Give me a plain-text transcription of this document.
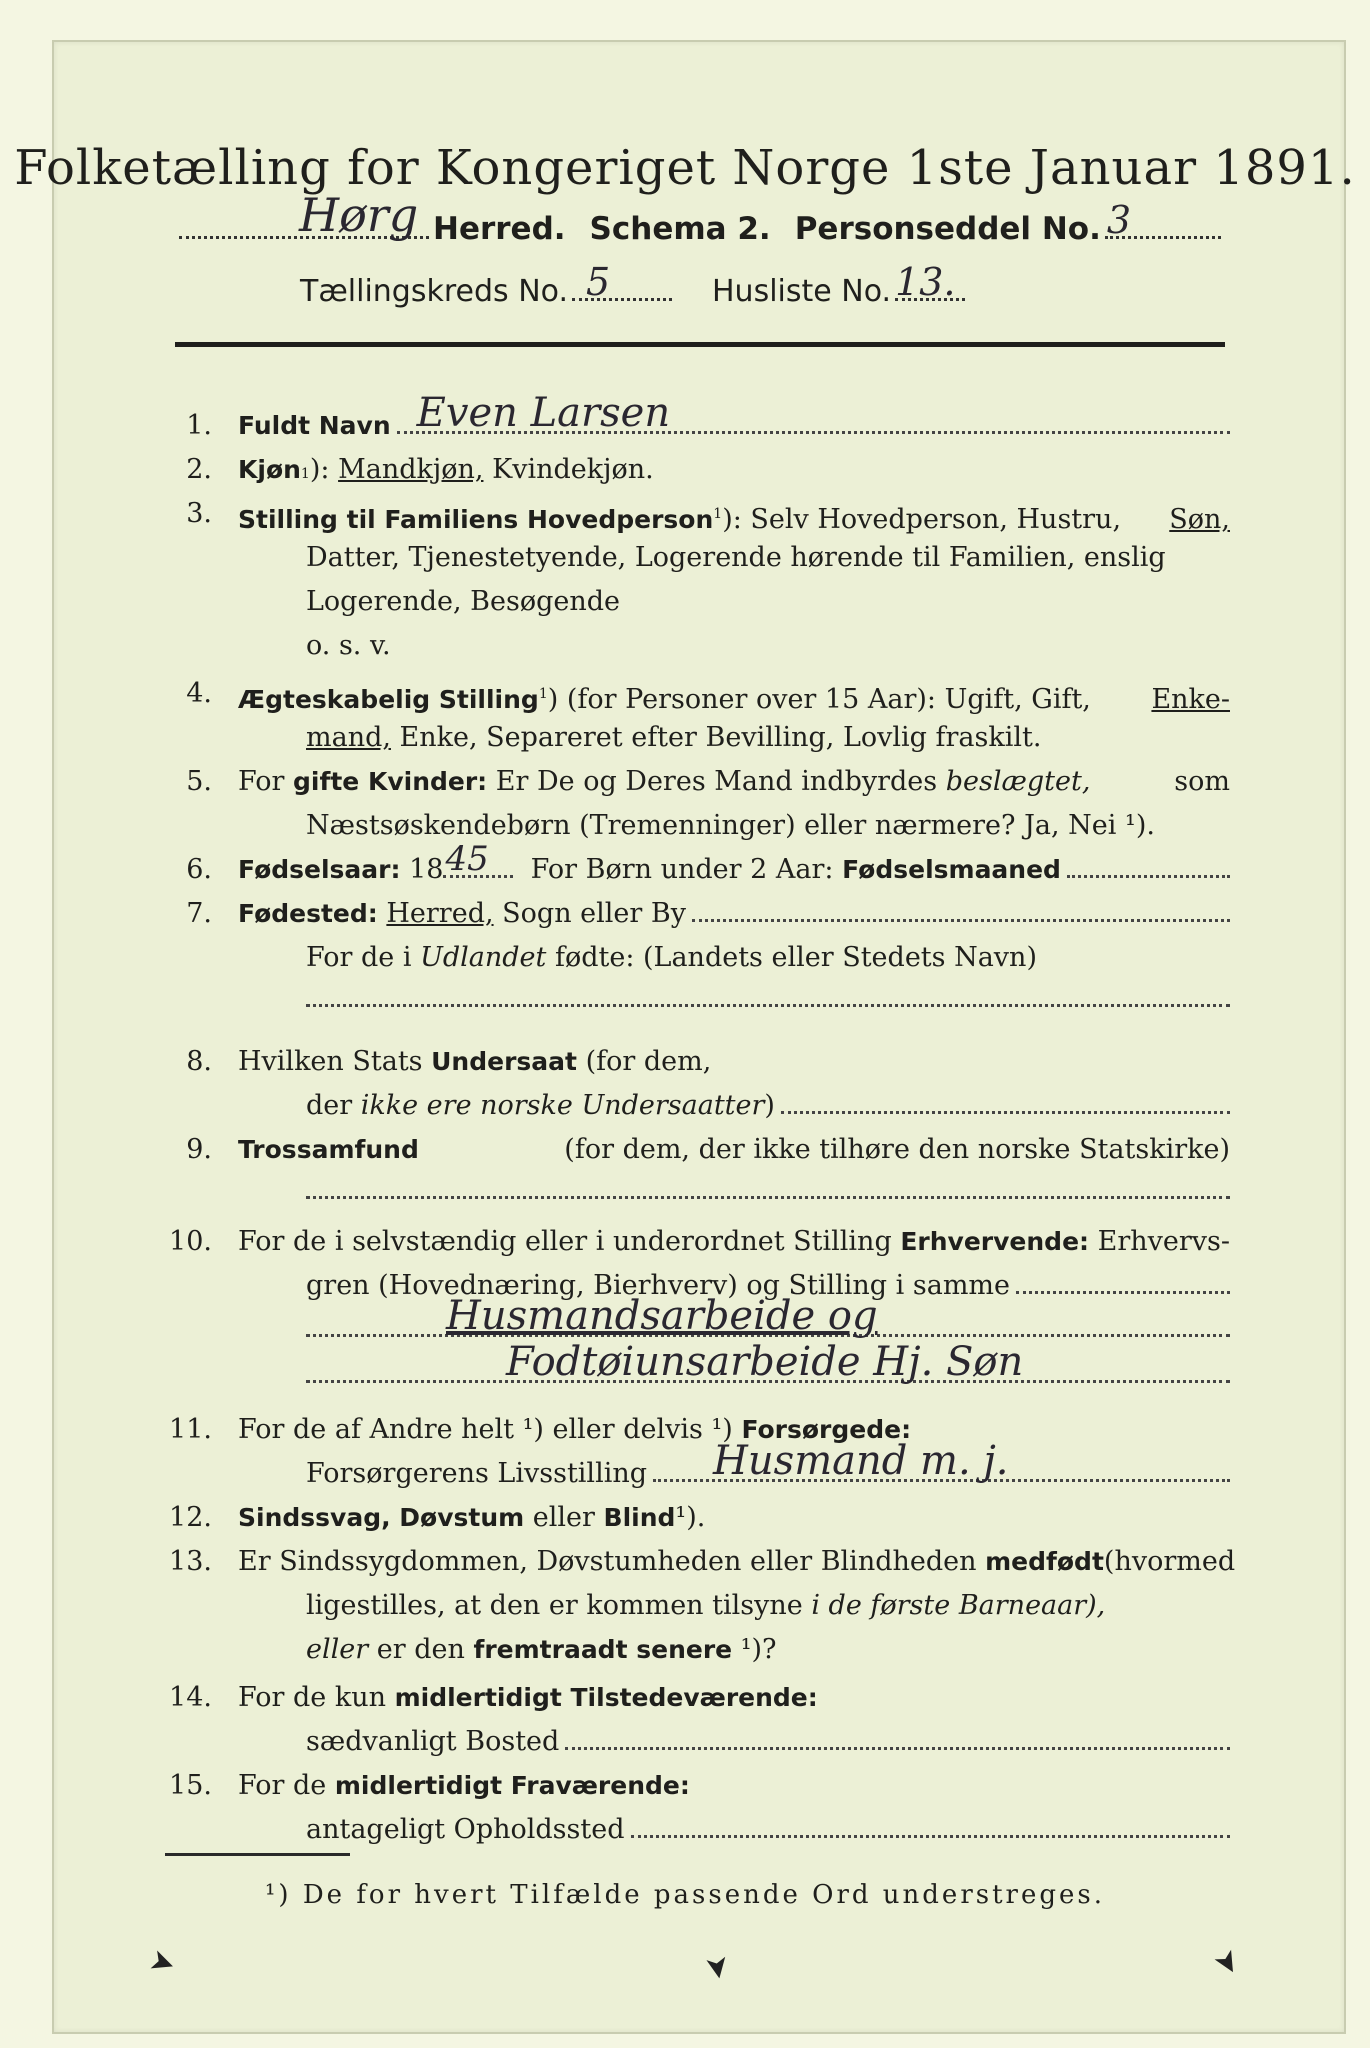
Folketælling for Kongeriget Norge 1ste Januar 1891.
Hørg Herred. Schema 2. Personseddel No. 3
Tællingskreds No. 5	Husliste No. 13.
1. Fuldt Navn Even Larsen
2. Kjøn 1 ):
Mandkjøn,
Kvindekjøn.
3. Stilling til Familiens Hovedperson$^1$): Selv Hovedperson, Hustru, Søn,
Datter, Tjenestetyende, Logerende hørende til Familien, enslig
Logerende, Besøgende
o. s. v.
4. Ægteskabelig Stilling$^1$) (for Personer over 15 Aar): Ugift, Gift, Enke-
mand, Enke, Separeret efter Bevilling, Lovlig fraskilt.
5. For gifte Kvinder: Er De og Deres Mand indbyrdes beslægtet,	som
Næstsøskendebørn (Tremenninger) eller nærmere? Ja, Nei ¹).
6. Fødselsaar:
18 45
For Børn under 2 Aar:
Fødselsmaaned
7. Fødested:
Herred,
Sogn eller By
For de i
Udlandet
fødte: (Landets eller Stedets Navn)
8. Hvilken Stats
Undersaat
(for dem,
der
ikke ere norske Undersaatter )
9. Trossamfund	(for dem, der ikke tilhøre den norske Statskirke)
10. For de i selvstændig eller i underordnet Stilling Erhvervende: Erhvervs-
gren (Hovednæring, Bierhverv) og Stilling i samme
Husmandsarbeide og
Fodtøiunsarbeide Hj. Søn
11. For de af Andre helt ¹) eller delvis ¹)
Forsørgede:
Forsørgerens Livsstilling Husmand m. j.
12. Sindssvag, Døvstum
eller
Blind ¹).
13. Er Sindssygdommen, Døvstumheden eller Blindheden medfødt (hvormed
ligestilles, at den er kommen tilsyne
i de første Barneaar),
eller
er den
fremtraadt senere
¹)?
14. For de kun
midlertidigt Tilstedeværende:
sædvanligt Bosted
15. For de
midlertidigt Fraværende:
antageligt Opholdssted
¹) De for hvert Tilfælde passende Ord understreges.
➤	➤	➤
